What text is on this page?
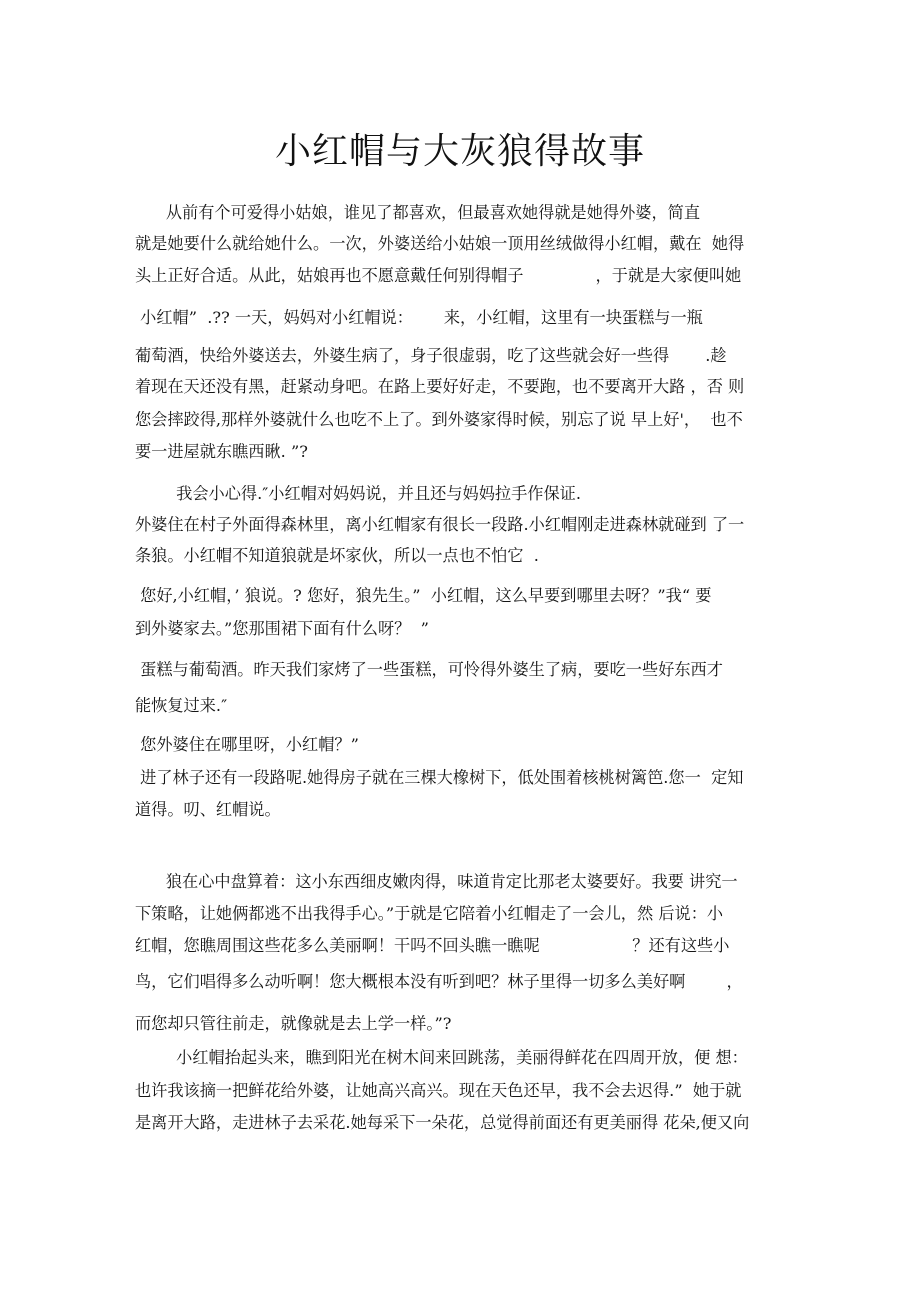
小红帽与大灰狼得故事
从前有个可爱得小姑娘，谁见了都喜欢，但最喜欢她得就是她得外婆，简直
就是她要什么就给她什么。一次，外婆送给小姑娘一顶用丝绒做得小红帽，戴在  她得
头上正好合适。从此，姑娘再也不愿意戴任何别得帽子              ，于就是大家便叫她
小红帽”  .?? 一天，妈妈对小红帽说：      来，小红帽，这里有一块蛋糕与一瓶
葡萄酒，快给外婆送去，外婆生病了，身子很虚弱，吃了这些就会好一些得       .趁
着现在天还没有黑，赶紧动身吧。在路上要好好走，不要跑，也不要离开大路 ，否 则
您会摔跤得,那样外婆就什么也吃不上了。到外婆家得时候，别忘了说 早上好'，  也不
要一进屋就东瞧西瞅. ”?
我会小心得.″小红帽对妈妈说，并且还与妈妈拉手作保证.
外婆住在村子外面得森林里，离小红帽家有很长一段路.小红帽刚走进森林就碰到 了一
条狼。小红帽不知道狼就是坏家伙，所以一点也不怕它  .
您好,小红帽，’ 狼说。? 您好，狼先生。”  小红帽，这么早要到哪里去呀？”我“ 要
到外婆家去。”您那围裙下面有什么呀？  ”
蛋糕与葡萄酒。昨天我们家烤了一些蛋糕，可怜得外婆生了病，要吃一些好东西才
能恢复过来.″
您外婆住在哪里呀，小红帽？”
进了林子还有一段路呢.她得房子就在三棵大橡树下，低处围着核桃树篱笆.您一  定知
道得。叨、红帽说。
狼在心中盘算着：这小东西细皮嫩肉得，味道肯定比那老太婆要好。我要 讲究一
下策略，让她俩都逃不出我得手心。”于就是它陪着小红帽走了一会儿，然 后说：小
红帽，您瞧周围这些花多么美丽啊！干吗不回头瞧一瞧呢                  ？还有这些小
鸟，它们唱得多么动听啊！您大概根本没有听到吧？林子里得一切多么美好啊        ，
而您却只管往前走，就像就是去上学一样。”?
小红帽抬起头来，瞧到阳光在树木间来回跳荡，美丽得鲜花在四周开放，便 想：
也许我该摘一把鲜花给外婆，让她高兴高兴。现在天色还早，我不会去迟得.”  她于就
是离开大路，走进林子去采花.她每采下一朵花，总觉得前面还有更美丽得 花朵,便又向
